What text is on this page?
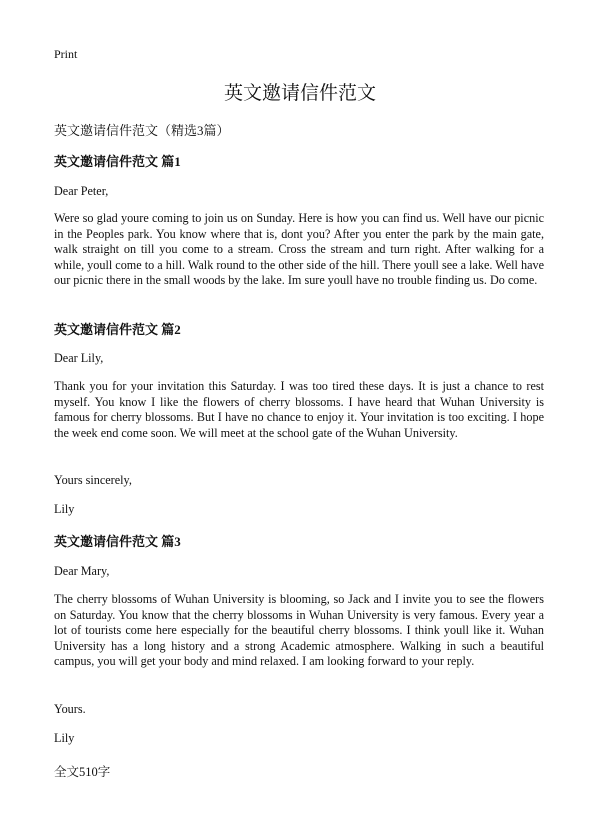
Print
英文邀请信件范文
英文邀请信件范文（精选3篇）
英文邀请信件范文 篇1
Dear Peter,

Were so glad youre coming to join us on Sunday. Here is how you can find us. Well have our picnic in the Peoples park. You know where that is, dont you? After you enter the park by the main gate, walk straight on till you come to a stream. Cross the stream and turn right. After walking for a while, youll come to a hill. Walk round to the other side of the hill. There youll see a lake. Well have our picnic there in the small woods by the lake. Im sure youll have no trouble finding us. Do come.

英文邀请信件范文 篇2
Dear Lily,

Thank you for your invitation this Saturday. I was too tired these days. It is just a chance to rest myself. You know I like the flowers of cherry blossoms. I have heard that Wuhan University is famous for cherry blossoms. But I have no chance to enjoy it. Your invitation is too exciting. I hope the week end come soon. We will meet at the school gate of the Wuhan University.

Yours sincerely,
Lily
英文邀请信件范文 篇3
Dear Mary,

The cherry blossoms of Wuhan University is blooming, so Jack and I invite you to see the flowers on Saturday. You know that the cherry blossoms in Wuhan University is very famous. Every year a lot of tourists come here especially for the beautiful cherry blossoms. I think youll like it. Wuhan University has a long history and a strong Academic atmosphere. Walking in such a beautiful campus, you will get your body and mind relaxed. I am looking forward to your reply.

Yours.
Lily
全文510字
